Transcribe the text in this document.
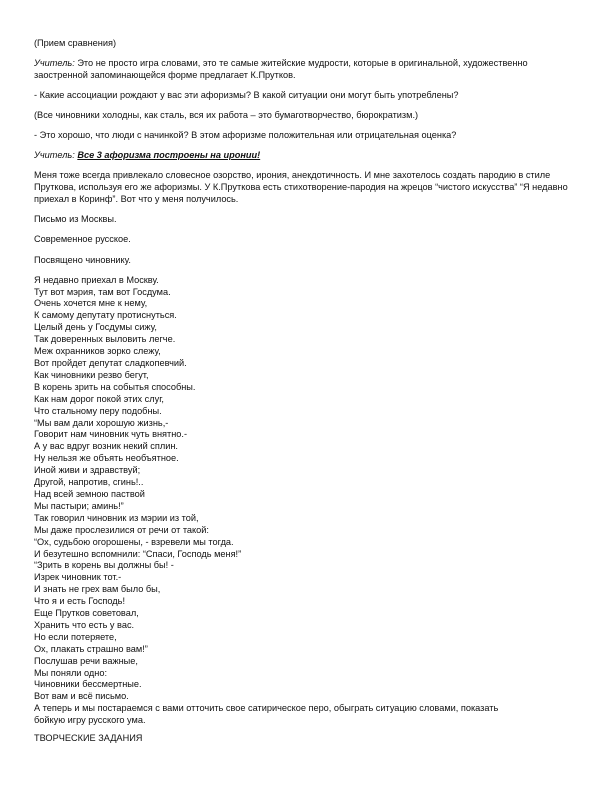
(Прием сравнения)

Учитель: Это не просто игра словами, это те самые житейские мудрости, которые в оригинальной, художественно заостренной запоминающейся форме предлагает К.Прутков.

- Какие ассоциации рождают у вас эти афоризмы? В какой ситуации они могут быть употреблены?

(Все чиновники холодны, как сталь, вся их работа – это бумаготворчество, бюрократизм.)

- Это хорошо, что люди с начинкой? В этом афоризме положительная или отрицательная оценка?

Учитель: Все 3 афоризма построены на иронии!

Меня тоже всегда привлекало словесное озорство, ирония, анекдотичность. И мне захотелось создать пародию в стиле Пруткова, используя его же афоризмы. У К.Пруткова есть стихотворение-пародия на жрецов “чистого искусства” “Я недавно приехал в Коринф”. Вот что у меня получилось.

Письмо из Москвы.

Современное русское.

Посвящено чиновнику.

Я недавно приехал в Москву.
Тут вот мэрия, там вот Госдума.
Очень хочется мне к нему,
К самому депутату протиснуться.
Целый день у Госдумы сижу,
Так доверенных выловить легче.
Меж охранников зорко слежу,
Вот пройдет депутат сладкопевчий.
Как чиновники резво бегут,
В корень зрить на событья способны.
Как нам дорог покой этих слуг,
Что стальному перу подобны.
“Мы вам дали хорошую жизнь,-
Говорит нам чиновник чуть внятно.-
А у вас вдруг возник некий сплин.
Ну нельзя же объять необъятное.
Иной живи и здравствуй;
Другой, напротив, сгинь!..
Над всей земною паствой
Мы пастыри; аминь!”
Так говорил чиновник из мэрии из той,
Мы даже прослезилися от речи от такой:
“Ох, судьбою огорошены, - взревели мы тогда.
И безутешно вспомнили: “Спаси, Господь меня!”
“Зрить в корень вы должны бы! -
Изрек чиновник тот.-
И знать не грех вам было бы,
Что я и есть Господь!
Еще Прутков советовал,
Хранить что есть у вас.
Но если потеряете,
Ох, плакать страшно вам!”
Послушав речи важные,
Мы поняли одно:
Чиновники бессмертные.
Вот вам и всё письмо.
А теперь и мы постараемся с вами отточить свое сатирическое перо, обыграть ситуацию словами, показать
бойкую игру русского ума.

ТВОРЧЕСКИЕ ЗАДАНИЯ
